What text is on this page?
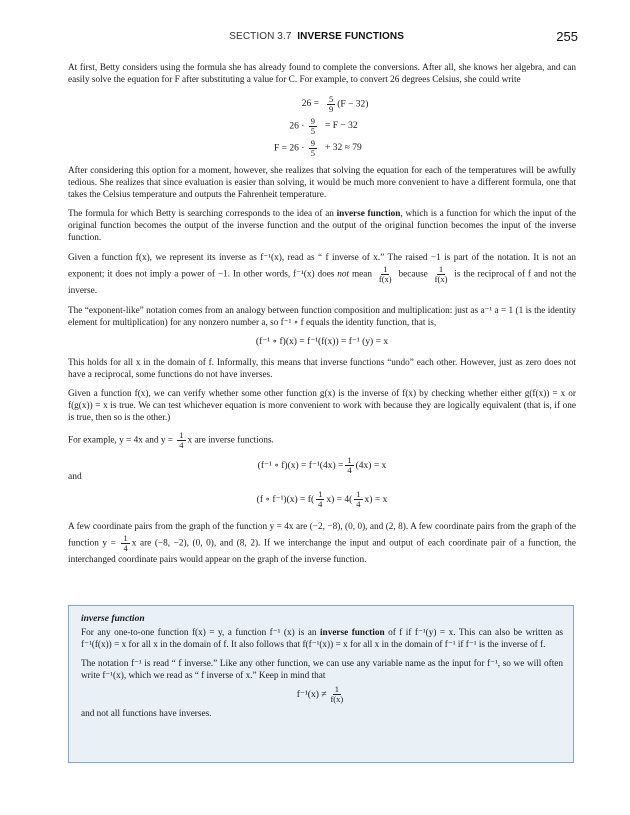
SECTION 3.7 INVERSE FUNCTIONS	255

At first, Betty considers using the formula she has already found to complete the conversions. After all, she knows her algebra, and can easily solve the equation for F after substituting a value for C. For example, to convert 26 degrees Celsius, she could write

$26 = \frac{5}{9} (F - 32)$
$26 \cdot \frac{9}{5} = F - 32$
$F = 26 \cdot \frac{9}{5} + 32 \approx 79$

After considering this option for a moment, however, she realizes that solving the equation for each of the temperatures will be awfully tedious. She realizes that since evaluation is easier than solving, it would be much more convenient to have a different formula, one that takes the Celsius temperature and outputs the Fahrenheit temperature.

The formula for which Betty is searching corresponds to the idea of an inverse function, which is a function for which the input of the original function becomes the output of the inverse function and the output of the original function becomes the input of the inverse function.

Given a function f(x), we represent its inverse as f⁻¹(x), read as “ f inverse of x.” The raised −1 is part of the notation. It is not an exponent; it does not imply a power of −1. In other words, f⁻¹(x) does not mean $\frac{1}{f(x)}$ because $\frac{1}{f(x)}$ is the reciprocal of f and not the inverse.

The “exponent-like” notation comes from an analogy between function composition and multiplication: just as a⁻¹ a = 1 (1 is the identity element for multiplication) for any nonzero number a, so f⁻¹ ∘ f equals the identity function, that is,

(f⁻¹ ∘ f)(x) = f⁻¹(f(x)) = f⁻¹ (y) = x

This holds for all x in the domain of f. Informally, this means that inverse functions “undo” each other. However, just as zero does not have a reciprocal, some functions do not have inverses.

Given a function f(x), we can verify whether some other function g(x) is the inverse of f(x) by checking whether either g(f(x)) = x or f(g(x)) = x is true. We can test whichever equation is more convenient to work with because they are logically equivalent (that is, if one is true, then so is the other.)

For example, y = 4x and $y = \frac{1}{4}$ x are inverse functions.

(f⁻¹ ∘ $f)(x) = f^{-1}(4x) = \frac{1}{4} (4x) = x$
and
(f ∘ $f^{-1})(x) = f( \frac{1}{4} x) = 4( \frac{1}{4} x) = x$

A few coordinate pairs from the graph of the function y = 4x are (−2, −8), (0, 0), and (2, 8). A few coordinate pairs from the graph of the function $y = \frac{1}{4}$ x are (−8, −2), (0, 0), and (8, 2). If we interchange the input and output of each coordinate pair of a function, the interchanged coordinate pairs would appear on the graph of the inverse function.

inverse function

For any one-to-one function f(x) = y, a function f⁻¹ (x) is an inverse function of f if f⁻¹(y) = x. This can also be written as f⁻¹(f(x)) = x for all x in the domain of f. It also follows that f(f⁻¹(x)) = x for all x in the domain of f⁻¹ if f⁻¹ is the inverse of f.

The notation f⁻¹ is read “ f inverse.” Like any other function, we can use any variable name as the input for f⁻¹, so we will often write f⁻¹(x), which we read as “ f inverse of x.” Keep in mind that

$f^{-1}(x) \ne \frac{1}{f(x)}$

and not all functions have inverses.
